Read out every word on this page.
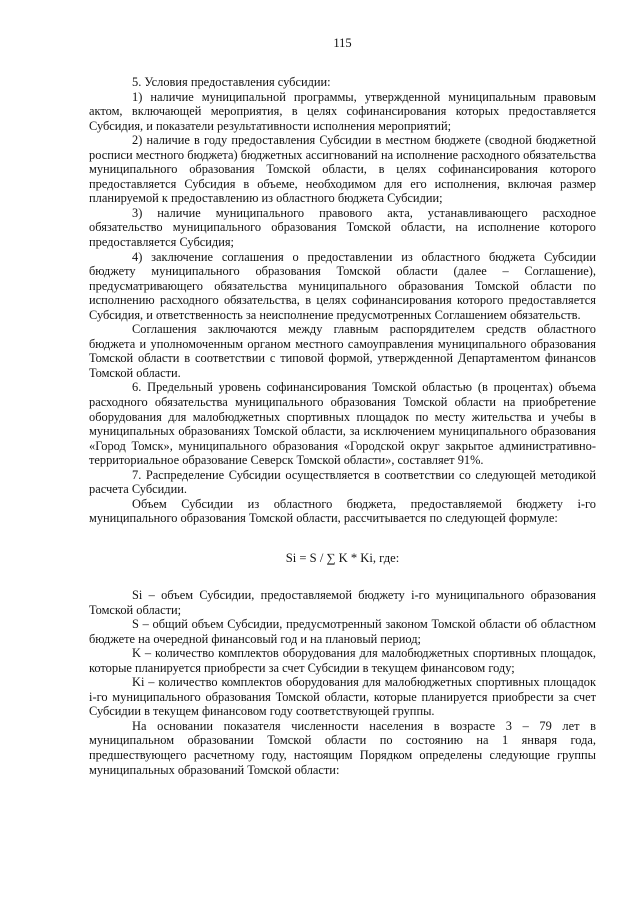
115

5. Условия предоставления субсидии:

1) наличие муниципальной программы, утвержденной муниципальным правовым актом, включающей мероприятия, в целях софинансирования которых предоставляется Субсидия, и показатели результативности исполнения мероприятий;

2) наличие в году предоставления Субсидии в местном бюджете (сводной бюджетной росписи местного бюджета) бюджетных ассигнований на исполнение расходного обязательства муниципального образования Томской области, в целях софинансирования которого предоставляется Субсидия в объеме, необходимом для его исполнения, включая размер планируемой к предоставлению из областного бюджета Субсидии;

3) наличие муниципального правового акта, устанавливающего расходное обязательство муниципального образования Томской области, на исполнение которого предоставляется Субсидия;

4) заключение соглашения о предоставлении из областного бюджета Субсидии бюджету муниципального образования Томской области (далее – Соглашение), предусматривающего обязательства муниципального образования Томской области по исполнению расходного обязательства, в целях софинансирования которого предоставляется Субсидия, и ответственность за неисполнение предусмотренных Соглашением обязательств.

Соглашения заключаются между главным распорядителем средств областного бюджета и уполномоченным органом местного самоуправления муниципального образования Томской области в соответствии с типовой формой, утвержденной Департаментом финансов Томской области.

6. Предельный уровень софинансирования Томской областью (в процентах) объема расходного обязательства муниципального образования Томской области на приобретение оборудования для малобюджетных спортивных площадок по месту жительства и учебы в муниципальных образованиях Томской области, за исключением муниципального образования «Город Томск», муниципального образования «Городской округ закрытое административно-территориальное образование Северск Томской области», составляет 91%.

7. Распределение Субсидии осуществляется в соответствии со следующей методикой расчета Субсидии.

Объем Субсидии из областного бюджета, предоставляемой бюджету i-го муниципального образования Томской области, рассчитывается по следующей формуле:

Si = S / ∑ K * Ki, где:

Si – объем Субсидии, предоставляемой бюджету i-го муниципального образования Томской области;

S – общий объем Субсидии, предусмотренный законом Томской области об областном бюджете на очередной финансовый год и на плановый период;

K – количество комплектов оборудования для малобюджетных спортивных площадок, которые планируется приобрести за счет Субсидии в текущем финансовом году;

Ki – количество комплектов оборудования для малобюджетных спортивных площадок i-го муниципального образования Томской области, которые планируется приобрести за счет Субсидии в текущем финансовом году соответствующей группы.

На основании показателя численности населения в возрасте 3 – 79 лет в муниципальном образовании Томской области по состоянию на 1 января года, предшествующего расчетному году, настоящим Порядком определены следующие группы муниципальных образований Томской области:
